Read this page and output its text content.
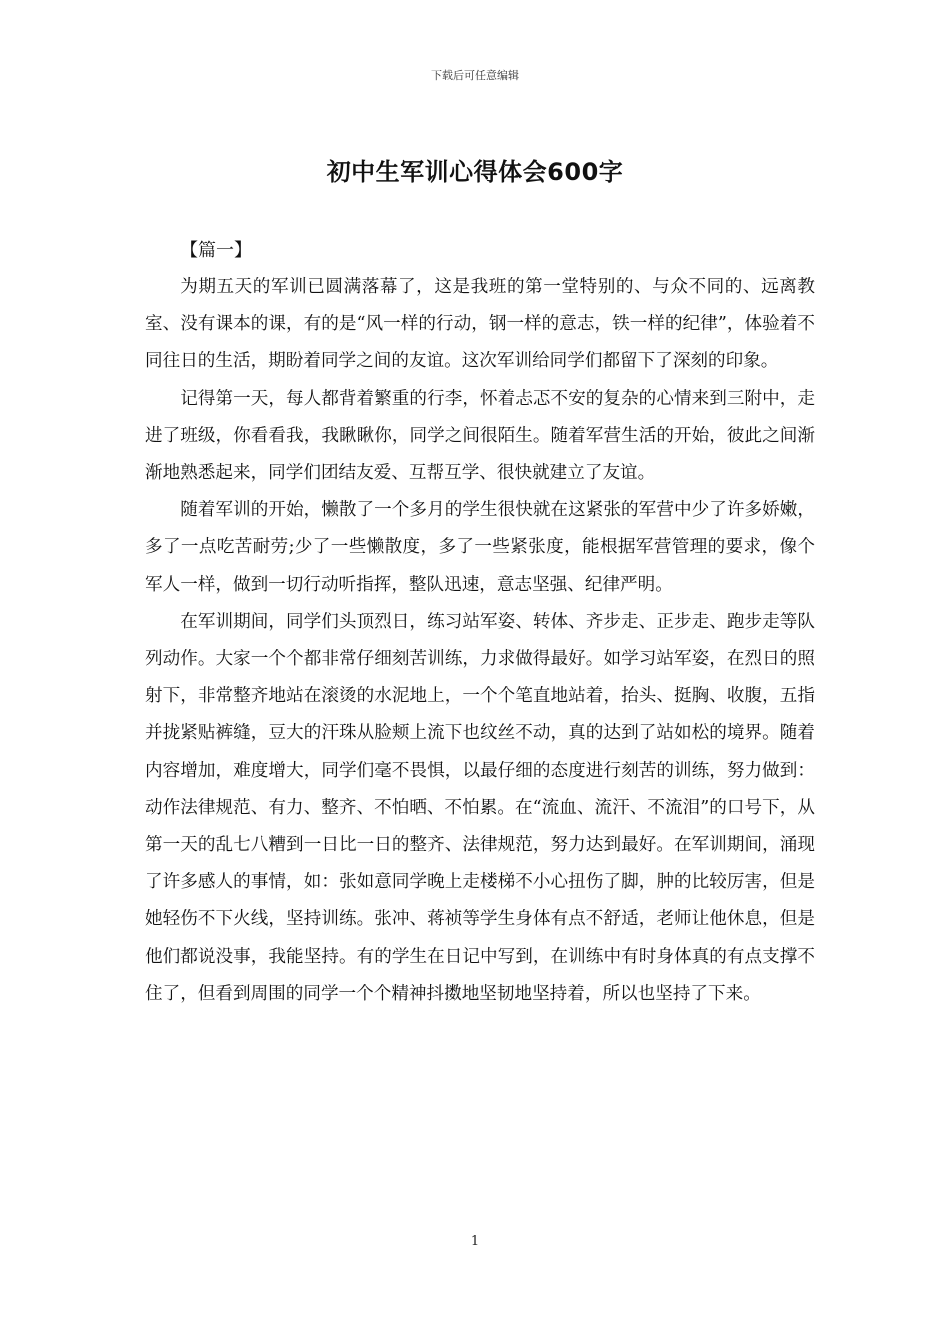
下载后可任意编辑
初中生军训心得体会600字
【篇一】

为期五天的军训已圆满落幕了，这是我班的第一堂特别的、与众不同的、远离教室、没有课本的课，有的是“风一样的行动，钢一样的意志，铁一样的纪律”，体验着不同往日的生活，期盼着同学之间的友谊。这次军训给同学们都留下了深刻的印象。

记得第一天，每人都背着繁重的行李，怀着忐忑不安的复杂的心情来到三附中，走进了班级，你看看我，我瞅瞅你，同学之间很陌生。随着军营生活的开始，彼此之间渐渐地熟悉起来，同学们团结友爱、互帮互学、很快就建立了友谊。

随着军训的开始，懒散了一个多月的学生很快就在这紧张的军营中少了许多娇嫩，多了一点吃苦耐劳;少了一些懒散度，多了一些紧张度，能根据军营管理的要求，像个军人一样，做到一切行动听指挥，整队迅速，意志坚强、纪律严明。

在军训期间，同学们头顶烈日，练习站军姿、转体、齐步走、正步走、跑步走等队列动作。大家一个个都非常仔细刻苦训练，力求做得最好。如学习站军姿，在烈日的照射下，非常整齐地站在滚烫的水泥地上，一个个笔直地站着，抬头、挺胸、收腹，五指并拢紧贴裤缝，豆大的汗珠从脸颊上流下也纹丝不动，真的达到了站如松的境界。随着内容增加，难度增大，同学们毫不畏惧，以最仔细的态度进行刻苦的训练，努力做到：动作法律规范、有力、整齐、不怕晒、不怕累。在“流血、流汗、不流泪”的口号下，从第一天的乱七八糟到一日比一日的整齐、法律规范，努力达到最好。在军训期间，涌现了许多感人的事情，如：张如意同学晚上走楼梯不小心扭伤了脚，肿的比较厉害，但是她轻伤不下火线，坚持训练。张冲、蒋祯等学生身体有点不舒适，老师让他休息，但是他们都说没事，我能坚持。有的学生在日记中写到，在训练中有时身体真的有点支撑不住了，但看到周围的同学一个个精神抖擞地坚韧地坚持着，所以也坚持了下来。

1
